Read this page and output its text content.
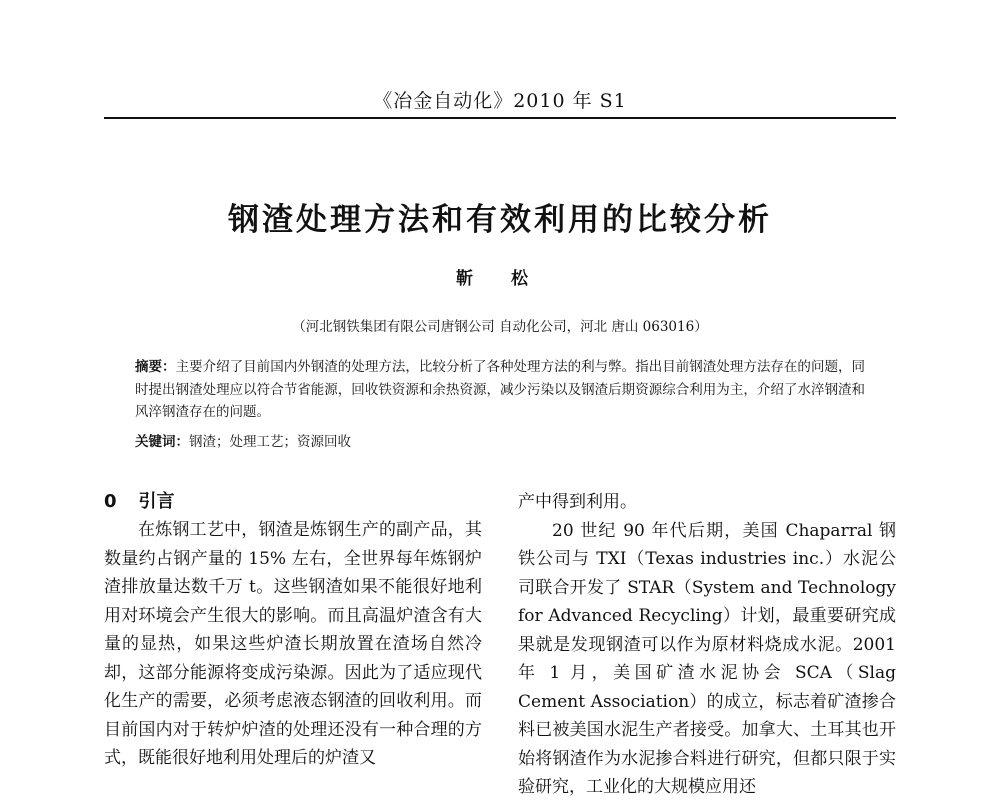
《冶金自动化》2010 年 S1
钢渣处理方法和有效利用的比较分析
靳 松
（河北钢铁集团有限公司唐钢公司 自动化公司，河北 唐山 063016）
摘要：主要介绍了目前国内外钢渣的处理方法，比较分析了各种处理方法的利与弊。指出目前钢渣处理方法存在的问题，同时提出钢渣处理应以符合节省能源，回收铁资源和余热资源，减少污染以及钢渣后期资源综合利用为主，介绍了水淬钢渣和风淬钢渣存在的问题。
关键词：钢渣；处理工艺；资源回收
0 引言

在炼钢工艺中，钢渣是炼钢生产的副产品，其数量约占钢产量的 15% 左右，全世界每年炼钢炉渣排放量达数千万 t。这些钢渣如果不能很好地利用对环境会产生很大的影响。而且高温炉渣含有大量的显热，如果这些炉渣长期放置在渣场自然冷却，这部分能源将变成污染源。因此为了适应现代化生产的需要，必须考虑液态钢渣的回收利用。而目前国内对于转炉炉渣的处理还没有一种合理的方式，既能很好地利用处理后的炉渣又

产中得到利用。

20 世纪 90 年代后期，美国 Chaparral 钢铁公司与 TXI（Texas industries inc.）水泥公司联合开发了 STAR（System and Technology for Advanced Recycling）计划，最重要研究成果就是发现钢渣可以作为原材料烧成水泥。2001 年 1 月，美国矿渣水泥协会 SCA（Slag Cement Association）的成立，标志着矿渣掺合料已被美国水泥生产者接受。加拿大、土耳其也开始将钢渣作为水泥掺合料进行研究，但都只限于实验研究，工业化的大规模应用还
